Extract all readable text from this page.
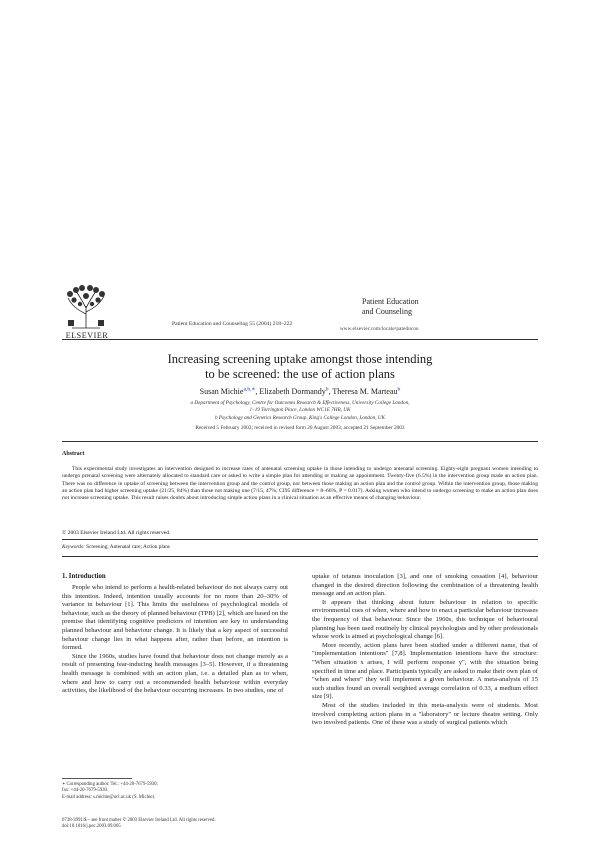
ELSEVIER
Patient Education and Counseling 55 (2004) 218–222
Patient Education
and Counseling
www.elsevier.com/locate/pateducou
Increasing screening uptake amongst those intending
to be screened: the use of action plans
Susan Michie$^{a,b,∗}$, Elizabeth Dormandy$^b$, Theresa M. Marteau$^b$
a Department of Psychology, Centre for Outcomes Research & Effectiveness, University College London,
1–19 Torrington Place, London WC1E 7HB, UK
b Psychology and Genetics Research Group, King's College London, London, UK
Received 5 February 2003; received in revised form 20 August 2003; accepted 21 September 2003
Abstract

This experimental study investigates an intervention designed to increase rates of antenatal screening uptake in those intending to undergo antenatal screening. Eighty-eight pregnant women intending to undergo prenatal screening were alternately allocated to standard care or asked to write a simple plan for attending or making an appointment. Twenty-five (6.5%) in the intervention group made an action plan. There was no difference in uptake of screening between the intervention group and the control group, nor between those making an action plan and the control group. Within the intervention group, those making an action plan had higher screening uptake (21/25, 84%) than those not making one (7/15, 47%; CI95 difference = 8–66%, P = 0.017). Asking women who intend to undergo screening to make an action plan does not increase screening uptake. This result raises doubts about introducing simple action plans in a clinical situation as an effective means of changing behaviour.

© 2003 Elsevier Ireland Ltd. All rights reserved.
Keywords: Screening; Antenatal care; Action plans
1. Introduction

People who intend to perform a health-related behaviour do not always carry out this intention. Indeed, intention usually accounts for no more than 20–30% of variance in behaviour [1]. This limits the usefulness of psychological models of behaviour, such as the theory of planned behaviour (TPB) [2], which are based on the premise that identifying cognitive predictors of intention are key to understanding planned behaviour and behaviour change. It is likely that a key aspect of successful behaviour change lies in what happens after, rather than before, an intention is formed.

Since the 1960s, studies have found that behaviour does not change merely as a result of presenting fear-inducing health messages [3–5]. However, if a threatening health message is combined with an action plan, i.e. a detailed plan as to when, where and how to carry out a recommended health behaviour within everyday activities, the likelihood of the behaviour occurring increases. In two studies, one of

uptake of tetanus inoculation [3], and one of smoking cessation [4], behaviour changed in the desired direction following the combination of a threatening health message and an action plan.

It appears that thinking about future behaviour in relation to specific environmental cues of when, where and how to enact a particular behaviour increases the frequency of that behaviour. Since the 1960s, this technique of behavioural planning has been used routinely by clinical psychologists and by other professionals whose work is aimed at psychological change [6].

More recently, action plans have been studied under a different name, that of "implementation intentions" [7,8]. Implementation intentions have the structure: "When situation x arises, I will perform response y", with the situation being specified in time and place. Participants typically are asked to make their own plan of "when and where" they will implement a given behaviour. A meta-analysis of 15 such studies found an overall weighted average correlation of 0.33, a medium effect size [9].

Most of the studies included in this meta-analysis were of students. Most involved completing action plans in a "laboratory" or lecture theatre setting. Only two involved patients. One of these was a study of surgical patients which

∗ Corresponding author. Tel.: +44-20-7679-5930;
fax: +44-20-7679-5930.
E-mail address: s.michie@ucl.ac.uk (S. Michie).
0738-3991/$ – see front matter © 2003 Elsevier Ireland Ltd. All rights reserved.
doi:10.1016/j.pec.2003.09.005
